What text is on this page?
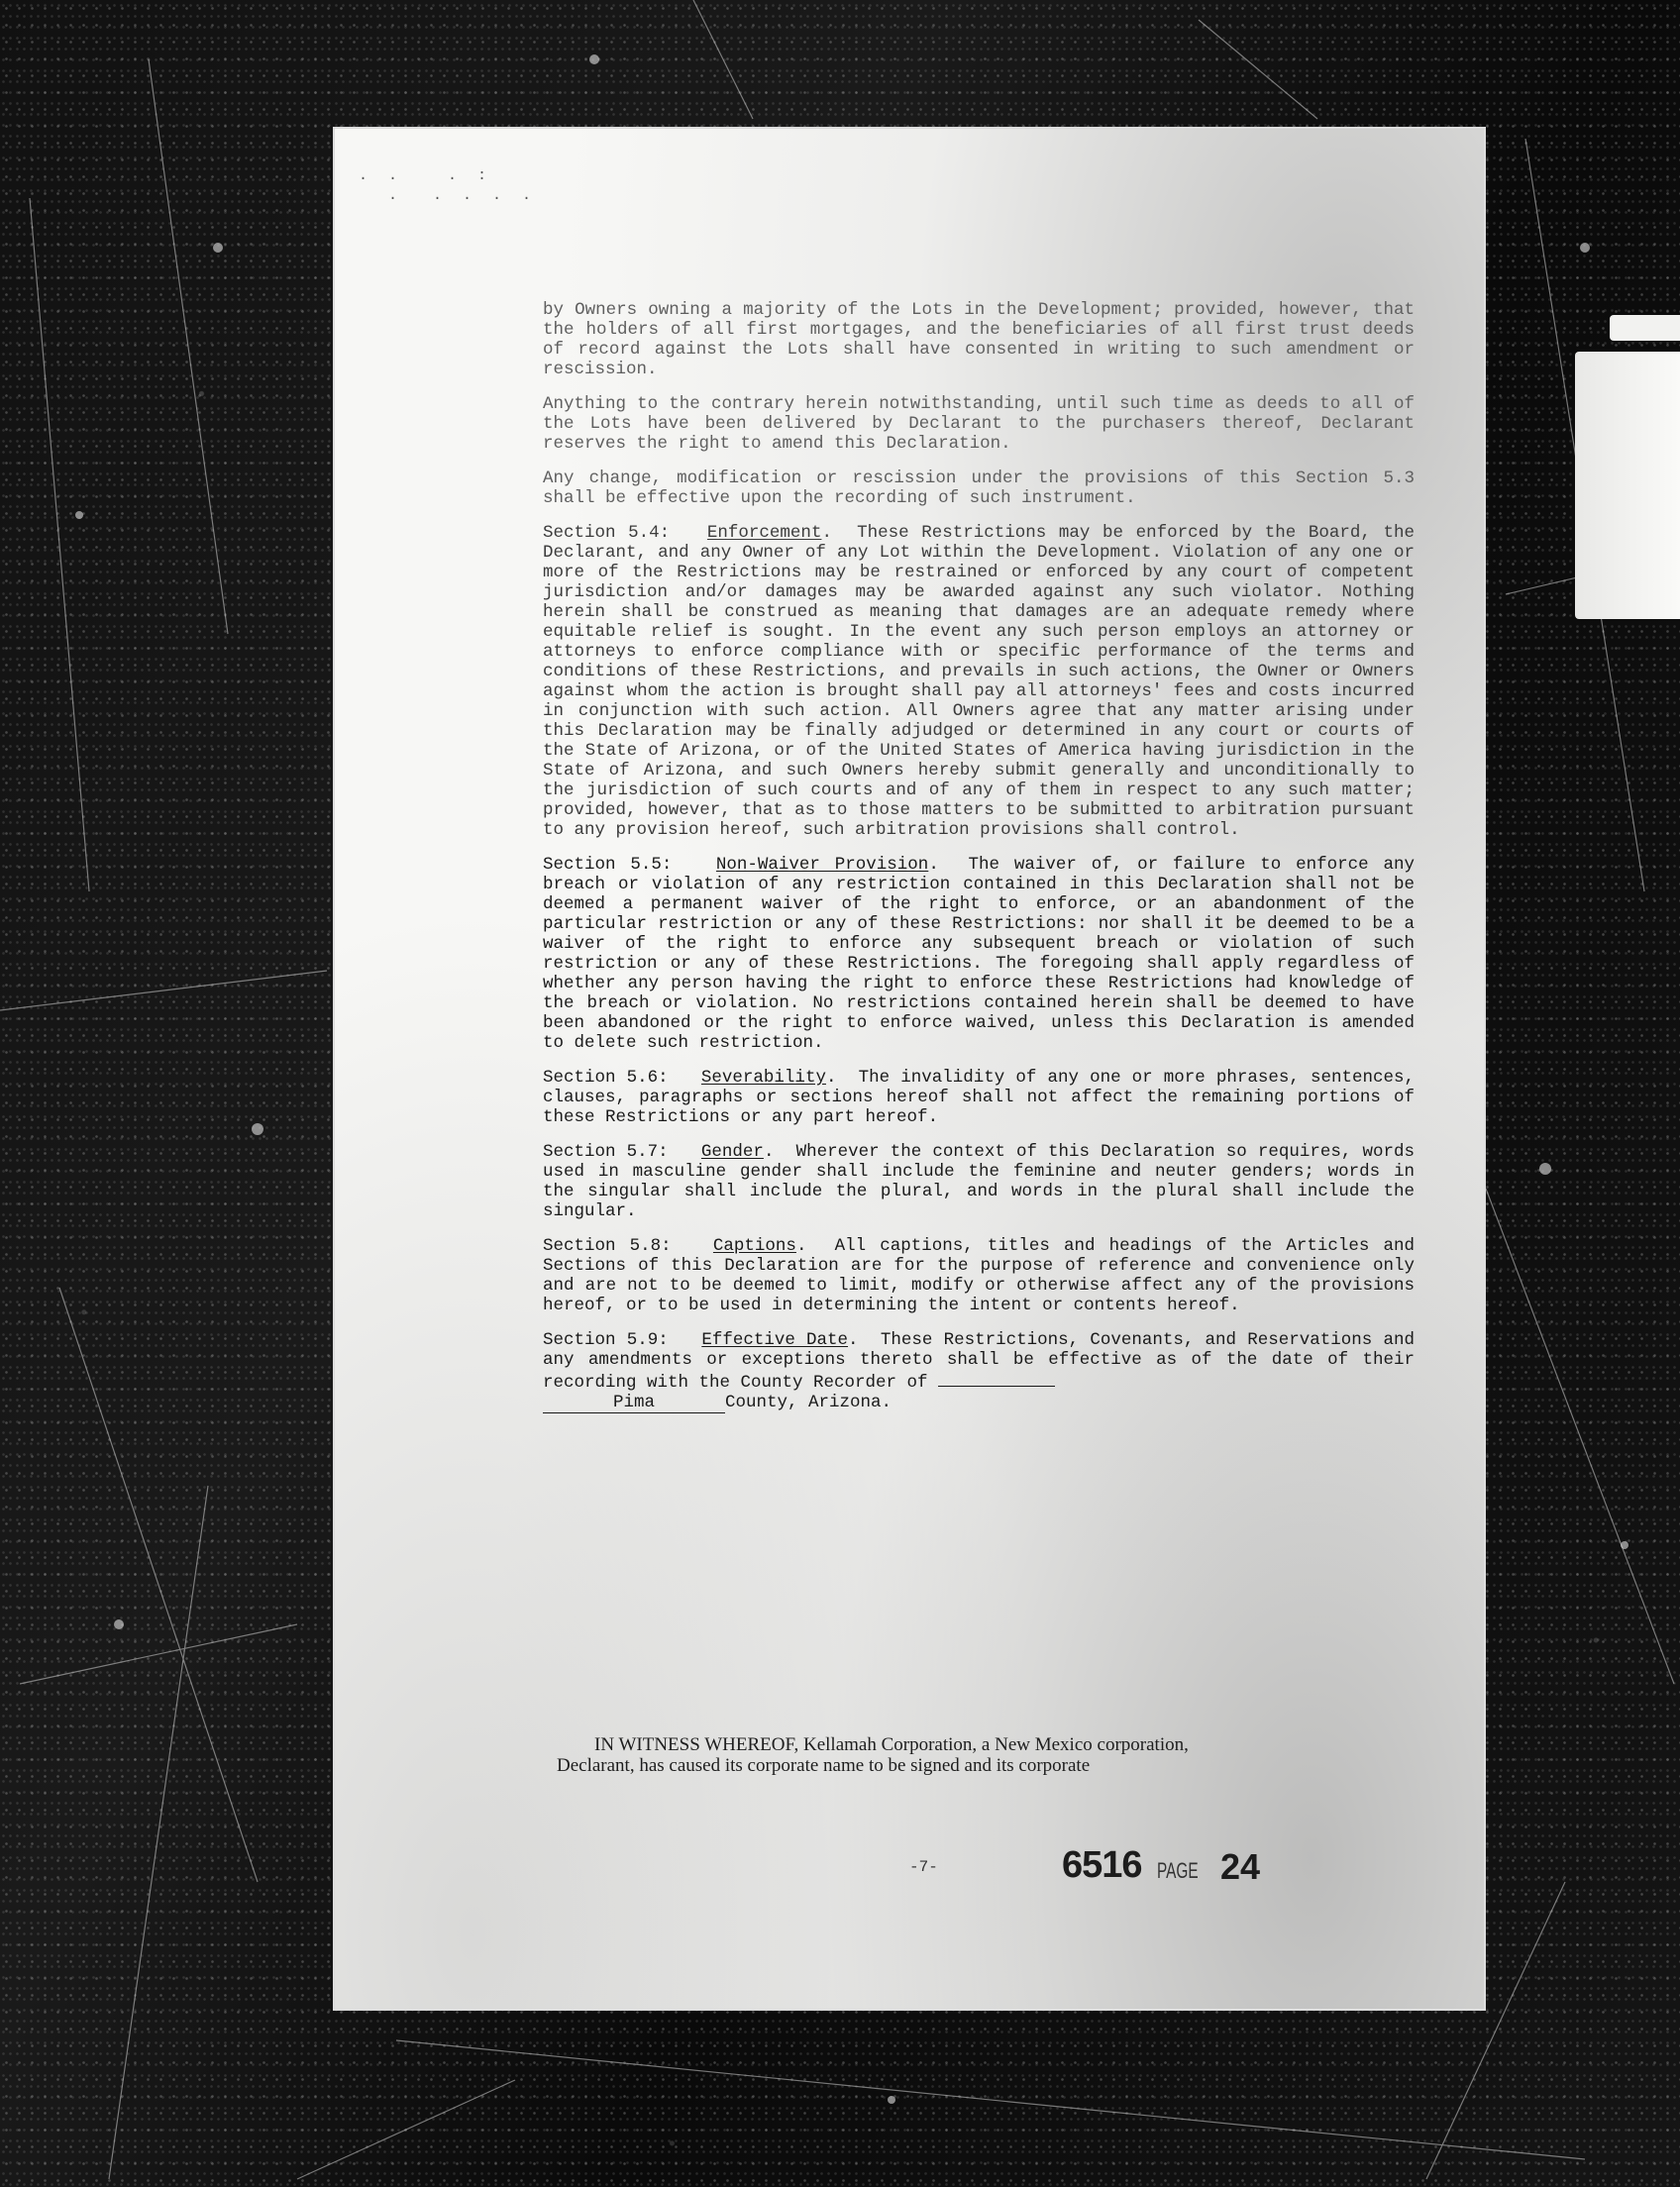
. .   . :
.  . . . .

by Owners owning a majority of the Lots in the Development; provided, however, that the holders of all first mortgages, and the beneficiaries of all first trust deeds of record against the Lots shall have consented in writing to such amendment or rescission.

Anything to the contrary herein notwithstanding, until such time as deeds to all of the Lots have been delivered by Declarant to the purchasers thereof, Declarant reserves the right to amend this Declaration.

Any change, modification or rescission under the provisions of this Section 5.3 shall be effective upon the recording of such instrument.

Section 5.4: Enforcement.  These Restrictions may be enforced by the Board, the Declarant, and any Owner of any Lot within the Development. Violation of any one or more of the Restrictions may be restrained or enforced by any court of competent jurisdiction and/or damages may be awarded against any such violator. Nothing herein shall be construed as meaning that damages are an adequate remedy where equitable relief is sought. In the event any such person employs an attorney or attorneys to enforce compliance with or specific performance of the terms and conditions of these Restrictions, and prevails in such actions, the Owner or Owners against whom the action is brought shall pay all attorneys' fees and costs incurred in conjunction with such action. All Owners agree that any matter arising under this Declaration may be finally adjudged or determined in any court or courts of the State of Arizona, or of the United States of America having jurisdiction in the State of Arizona, and such Owners hereby submit generally and unconditionally to the jurisdiction of such courts and of any of them in respect to any such matter; provided, however, that as to those matters to be submitted to arbitration pursuant to any provision hereof, such arbitration provisions shall control.

Section 5.5:	Non-Waiver Provision.  The waiver of, or failure to enforce any breach or violation of any restriction contained in this Declaration shall not be deemed a permanent waiver of the right to enforce, or an abandonment of the particular restriction or any of these Restrictions: nor shall it be deemed to be a waiver of the right to enforce any subsequent breach or violation of such restriction or any of these Restrictions. The foregoing shall apply regardless of whether any person having the right to enforce these Restrictions had knowledge of the breach or violation. No restrictions contained herein shall be deemed to have been abandoned or the right to enforce waived, unless this Declaration is amended to delete such restriction.

Section 5.6: Severability.  The invalidity of any one or more phrases, sentences, clauses, paragraphs or sections hereof shall not affect the remaining portions of these Restrictions or any part hereof.

Section 5.7: Gender.  Wherever the context of this Declaration so requires, words used in masculine gender shall include the feminine and neuter genders; words in the singular shall include the plural, and words in the plural shall include the singular.

Section 5.8: Captions.  All captions, titles and headings of the Articles and Sections of this Declaration are for the purpose of reference and convenience only and are not to be deemed to limit, modify or otherwise affect any of the provisions hereof, or to be used in determining the intent or contents hereof.

Section 5.9: Effective Date.  These Restrictions, Covenants, and Reservations and any amendments or exceptions thereto shall be effective as of the date of their recording with the County Recorder of
Pima	County, Arizona.

IN WITNESS WHEREOF, Kellamah Corporation, a New Mexico corporation,

Declarant, has caused its corporate name to be signed and its corporate

-7-	6516 PAGE 24
